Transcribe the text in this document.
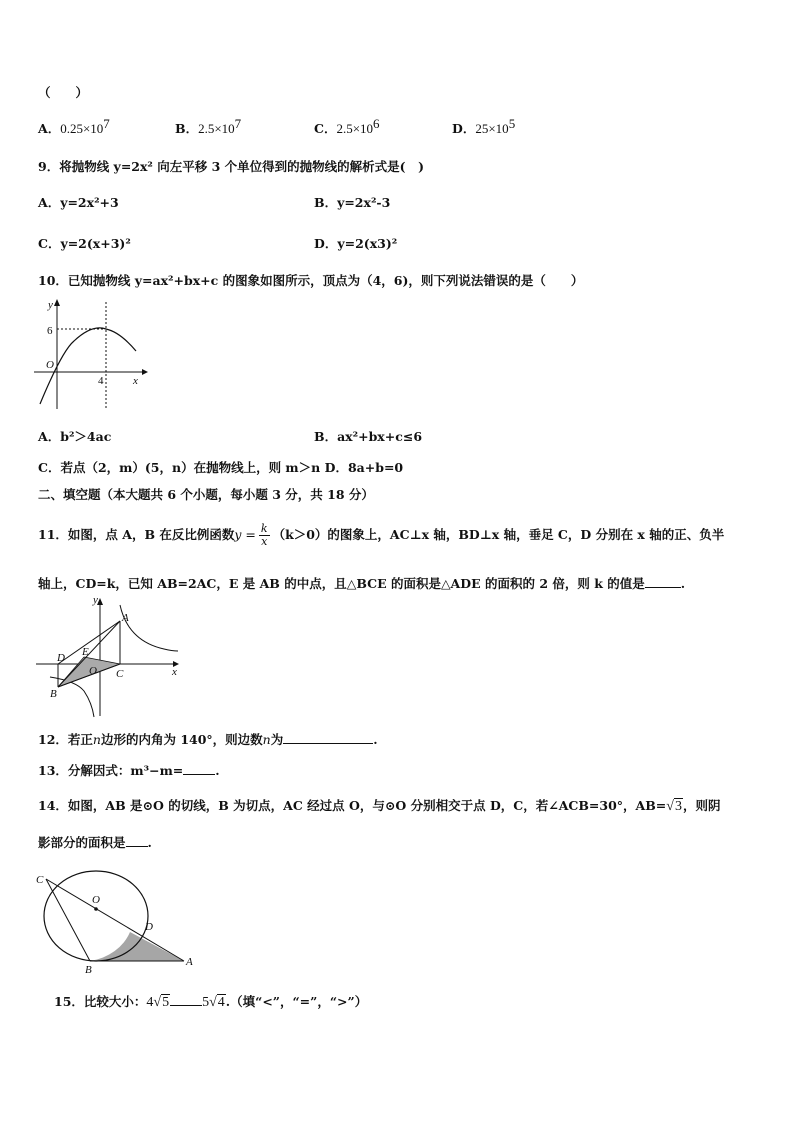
（　　）
A．$0.25\times 10^7$	B．$2.5\times 10^7$	C．$2.5\times 10^6$	D．$25\times 10^5$
9．将抛物线 y=2x² 向左平移 3 个单位得到的抛物线的解析式是(　)
A．y=2x²+3	B．y=2x²-3
C．y=2(x+3)²	D．y=2(x3)²
10．已知抛物线 y=ax²+bx+c 的图象如图所示，顶点为（4，6)，则下列说法错误的是（　　）
y
x
O
6
4
A．b²＞4ac	B．ax²+bx+c≤6
C．若点（2，m）(5，n）在抛物线上，则 m＞n D．8a+b=0
二、填空题（本大题共 6 个小题，每小题 3 分，共 18 分）
11．如图，点 A，B 在反比例函数$y = \frac{k}{x} (k>0)$的图象上，AC⊥x 轴，BD⊥x 轴，垂足 C，D 分别在 x 轴的正、负半
轴上，CD=k，已知 AB=2AC，E 是 AB 的中点，且△BCE 的面积是△ADE 的面积的 2 倍，则 k 的值是	.
y
x
A
B
C
D E
O
12．若正n边形的内角为 140°，则边数n为	.
13．分解因式：m³−m=	.
14．如图，AB 是⊙O 的切线，B 为切点，AC 经过点 O，与⊙O 分别相交于点 D，C，若∠ACB=30°，AB=√3，则阴
影部分的面积是 .
C
O
D
B
A
15．比较大小：4√5 5√4.（填“<”，“=”，“>”）
